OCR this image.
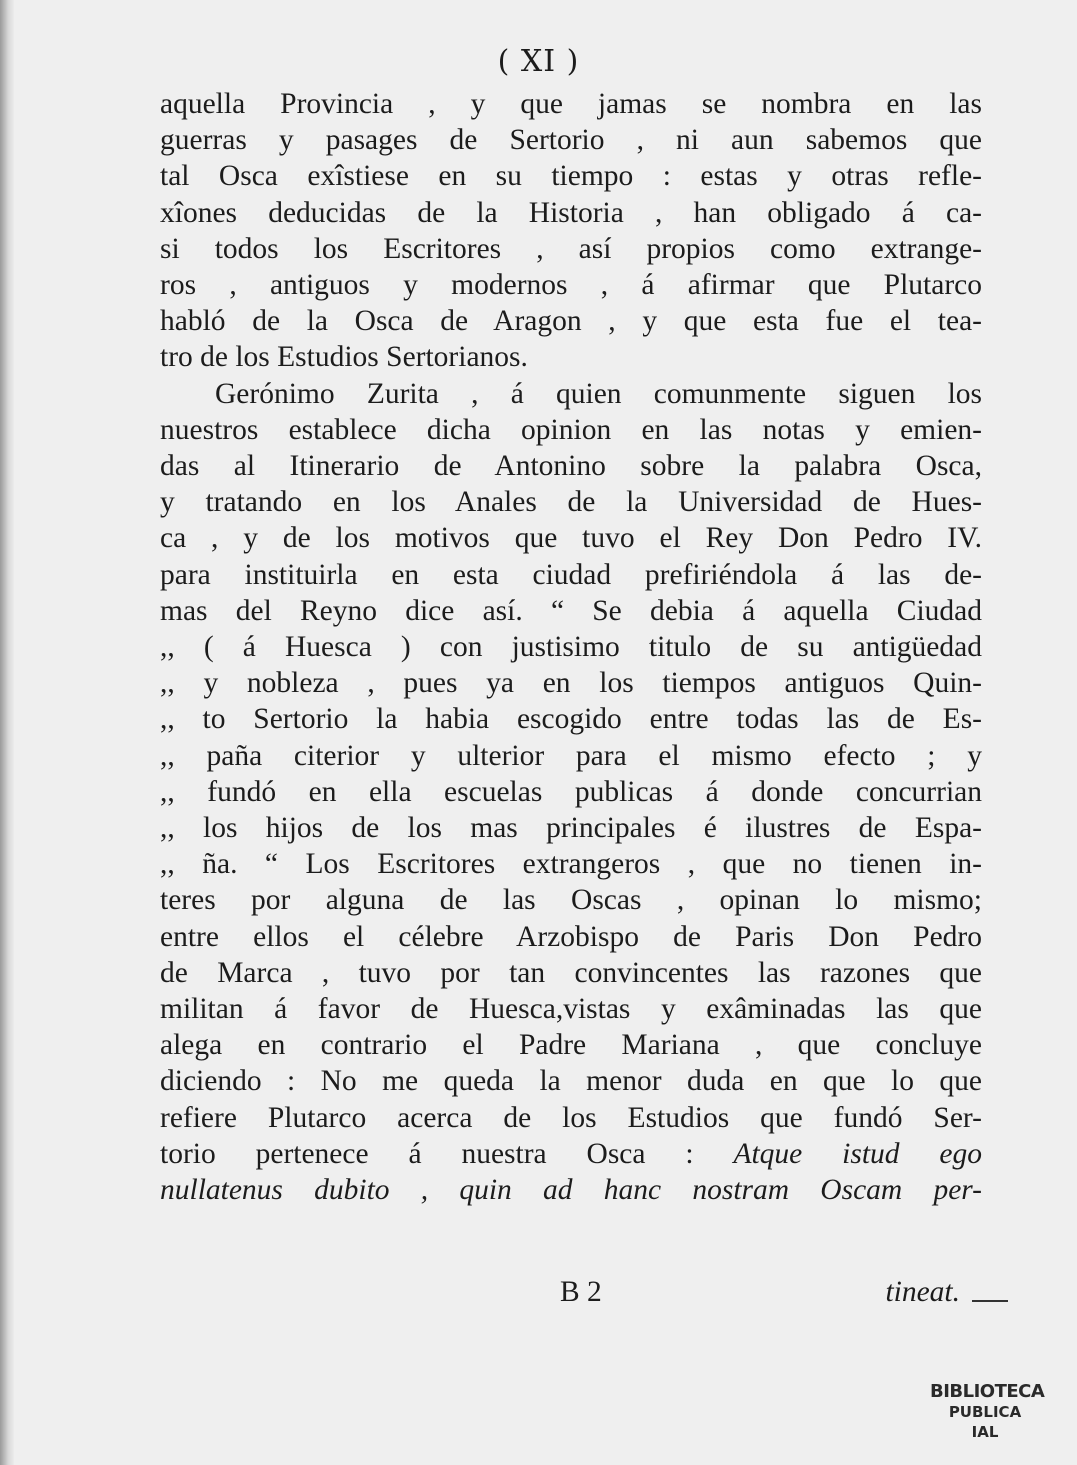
( XI )
aquella Provincia , y que jamas se nombra en las
guerras y pasages de Sertorio , ni aun sabemos que
tal Osca exîstiese en su tiempo : estas y otras refle-
xîones deducidas de la Historia , han obligado á ca-
si todos los Escritores , así propios como extrange-
ros , antiguos y modernos , á afirmar que Plutarco
habló de la Osca de Aragon , y que esta fue el tea-
tro de los Estudios Sertorianos.
Gerónimo Zurita , á quien comunmente siguen los
nuestros establece dicha opinion en las notas y emien-
das al Itinerario de Antonino sobre la palabra Osca,
y tratando en los Anales de la Universidad de Hues-
ca , y de los motivos que tuvo el Rey Don Pedro IV.
para instituirla en esta ciudad prefiriéndola á las de-
mas del Reyno dice así. “ Se debia á aquella Ciudad
,, ( á Huesca ) con justisimo titulo de su antigüedad
,, y nobleza , pues ya en los tiempos antiguos Quin-
,, to Sertorio la habia escogido entre todas las de Es-
,, paña citerior y ulterior para el mismo efecto ; y
,, fundó en ella escuelas publicas á donde concurrian
,, los hijos de los mas principales é ilustres de Espa-
,, ña. “ Los Escritores extrangeros , que no tienen in-
teres por alguna de las Oscas , opinan lo mismo;
entre ellos el célebre Arzobispo de Paris Don Pedro
de Marca , tuvo por tan convincentes las razones que
militan á favor de Huesca,vistas y exâminadas las que
alega en contrario el Padre Mariana , que concluye
diciendo : No me queda la menor duda en que lo que
refiere Plutarco acerca de los Estudios que fundó Ser-
torio pertenece á nuestra Osca : Atque istud ego
nullatenus dubito , quin ad hanc nostram Oscam per-
B 2	tineat.
BIBLIOTECA
PUBLICA
IAL
